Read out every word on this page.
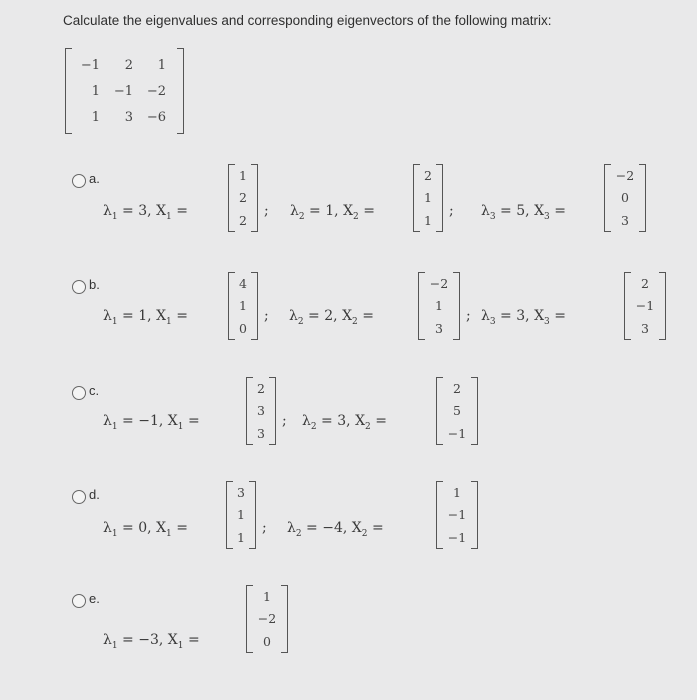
Calculate the eigenvalues and corresponding eigenvectors of the following matrix:
−1	2	1
1	−1	−2
1	3	−6
a.
$\lambda_1 = 3$, $X_1$ =
1
2
2
; $\lambda_2 = 1$, $X_2$ =
2
1
1
; $\lambda_3 = 5$, $X_3$ =
−2
0
3
b.
$\lambda_1 = 1$, $X_1$ =
4
1
0
; $\lambda_2 = 2$, $X_2$ =
−2
1
3
; $\lambda_3 = 3$, $X_3$ =
2
−1
3
c.
$\lambda_1 = -1$, $X_1$ =
2
3
3
; $\lambda_2 = 3$, $X_2$ =
2
5
−1
d.
$\lambda_1 = 0$, $X_1$ =
3
1
1
; $\lambda_2 = -4$, $X_2$ =
1
−1
−1
e.
$\lambda_1 = -3$, $X_1$ =
1
−2
0
